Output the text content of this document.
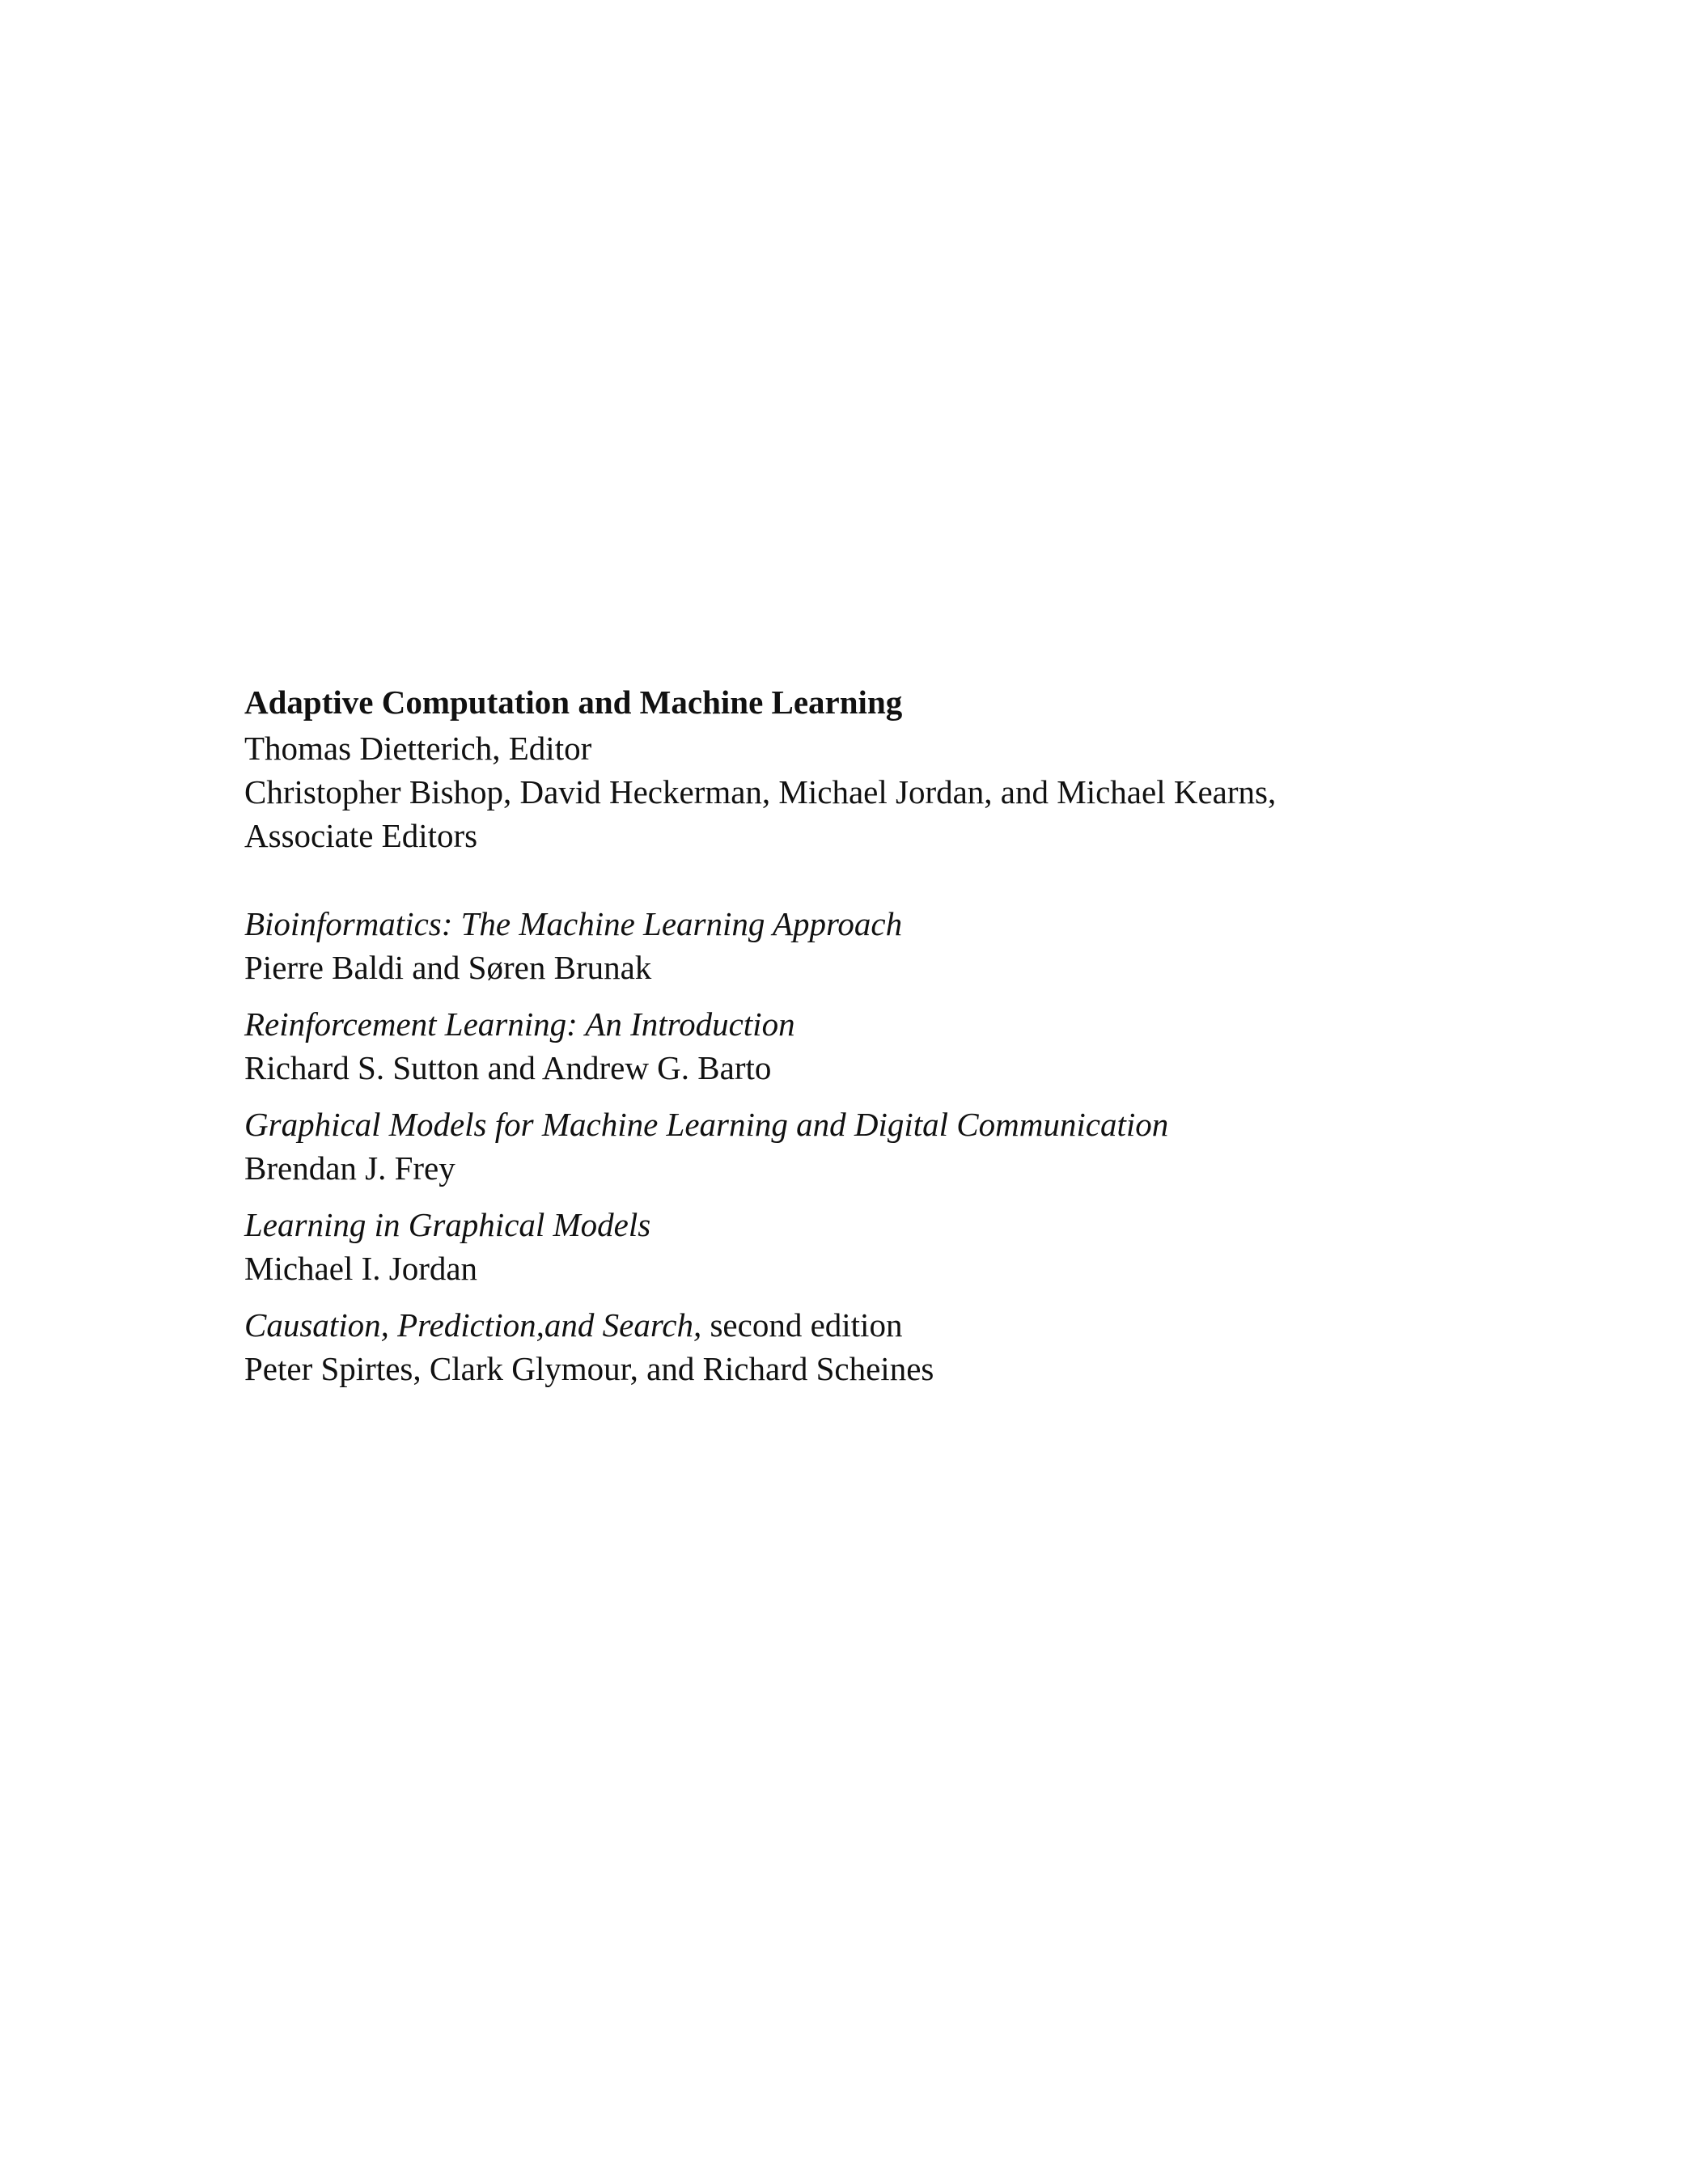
Adaptive Computation and Machine Learning

Thomas Dietterich, Editor

Christopher Bishop, David Heckerman, Michael Jordan, and Michael Kearns,

Associate Editors

Bioinformatics: The Machine Learning Approach

Pierre Baldi and Søren Brunak

Reinforcement Learning: An Introduction

Richard S. Sutton and Andrew G. Barto

Graphical Models for Machine Learning and Digital Communication

Brendan J. Frey

Learning in Graphical Models

Michael I. Jordan

Causation, Prediction,and Search, second edition

Peter Spirtes, Clark Glymour, and Richard Scheines
